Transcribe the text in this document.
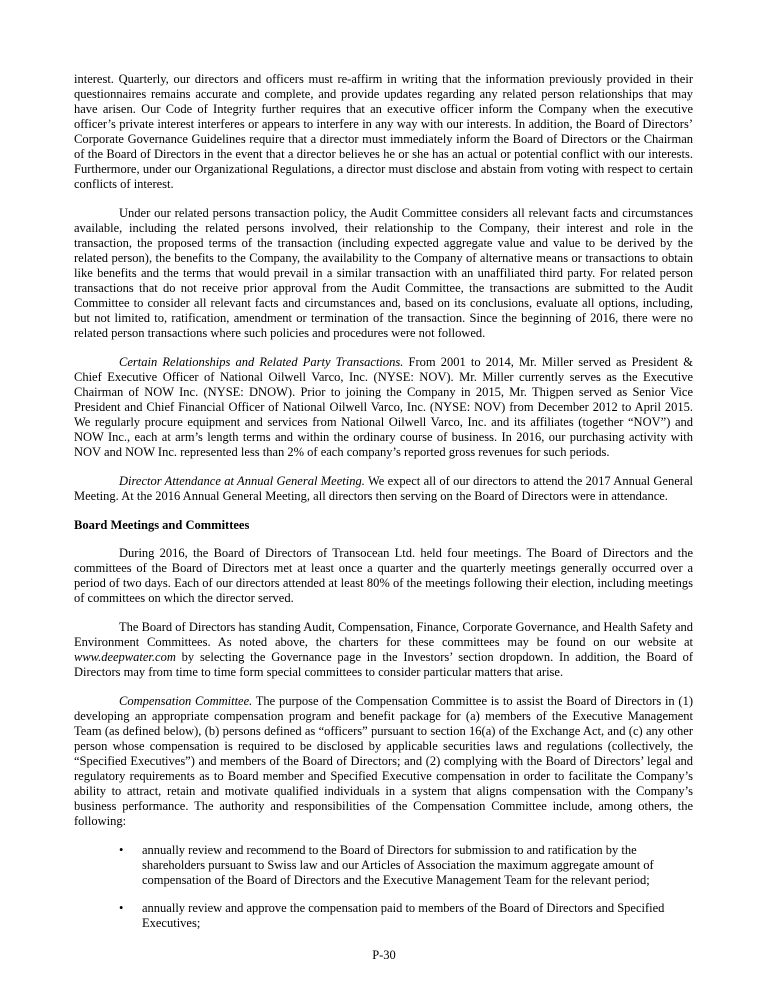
interest. Quarterly, our directors and officers must re-affirm in writing that the information previously provided in their questionnaires remains accurate and complete, and provide updates regarding any related person relationships that may have arisen. Our Code of Integrity further requires that an executive officer inform the Company when the executive officer’s private interest interferes or appears to interfere in any way with our interests. In addition, the Board of Directors’ Corporate Governance Guidelines require that a director must immediately inform the Board of Directors or the Chairman of the Board of Directors in the event that a director believes he or she has an actual or potential conflict with our interests. Furthermore, under our Organizational Regulations, a director must disclose and abstain from voting with respect to certain conflicts of interest.

Under our related persons transaction policy, the Audit Committee considers all relevant facts and circumstances available, including the related persons involved, their relationship to the Company, their interest and role in the transaction, the proposed terms of the transaction (including expected aggregate value and value to be derived by the related person), the benefits to the Company, the availability to the Company of alternative means or transactions to obtain like benefits and the terms that would prevail in a similar transaction with an unaffiliated third party. For related person transactions that do not receive prior approval from the Audit Committee, the transactions are submitted to the Audit Committee to consider all relevant facts and circumstances and, based on its conclusions, evaluate all options, including, but not limited to, ratification, amendment or termination of the transaction. Since the beginning of 2016, there were no related person transactions where such policies and procedures were not followed.

Certain Relationships and Related Party Transactions. From 2001 to 2014, Mr. Miller served as President & Chief Executive Officer of National Oilwell Varco, Inc. (NYSE: NOV). Mr. Miller currently serves as the Executive Chairman of NOW Inc. (NYSE: DNOW). Prior to joining the Company in 2015, Mr. Thigpen served as Senior Vice President and Chief Financial Officer of National Oilwell Varco, Inc. (NYSE: NOV) from December 2012 to April 2015. We regularly procure equipment and services from National Oilwell Varco, Inc. and its affiliates (together “NOV”) and NOW Inc., each at arm’s length terms and within the ordinary course of business. In 2016, our purchasing activity with NOV and NOW Inc. represented less than 2% of each company’s reported gross revenues for such periods.

Director Attendance at Annual General Meeting. We expect all of our directors to attend the 2017 Annual General Meeting. At the 2016 Annual General Meeting, all directors then serving on the Board of Directors were in attendance.

Board Meetings and Committees

During 2016, the Board of Directors of Transocean Ltd. held four meetings. The Board of Directors and the committees of the Board of Directors met at least once a quarter and the quarterly meetings generally occurred over a period of two days. Each of our directors attended at least 80% of the meetings following their election, including meetings of committees on which the director served.

The Board of Directors has standing Audit, Compensation, Finance, Corporate Governance, and Health Safety and Environment Committees. As noted above, the charters for these committees may be found on our website at www.deepwater.com by selecting the Governance page in the Investors’ section dropdown. In addition, the Board of Directors may from time to time form special committees to consider particular matters that arise.

Compensation Committee. The purpose of the Compensation Committee is to assist the Board of Directors in (1) developing an appropriate compensation program and benefit package for (a) members of the Executive Management Team (as defined below), (b) persons defined as “officers” pursuant to section 16(a) of the Exchange Act, and (c) any other person whose compensation is required to be disclosed by applicable securities laws and regulations (collectively, the “Specified Executives”) and members of the Board of Directors; and (2) complying with the Board of Directors’ legal and regulatory requirements as to Board member and Specified Executive compensation in order to facilitate the Company’s ability to attract, retain and motivate qualified individuals in a system that aligns compensation with the Company’s business performance. The authority and responsibilities of the Compensation Committee include, among others, the following:

• annually review and recommend to the Board of Directors for submission to and ratification by the shareholders pursuant to Swiss law and our Articles of Association the maximum aggregate amount of compensation of the Board of Directors and the Executive Management Team for the relevant period;
• annually review and approve the compensation paid to members of the Board of Directors and Specified Executives;
P-30
